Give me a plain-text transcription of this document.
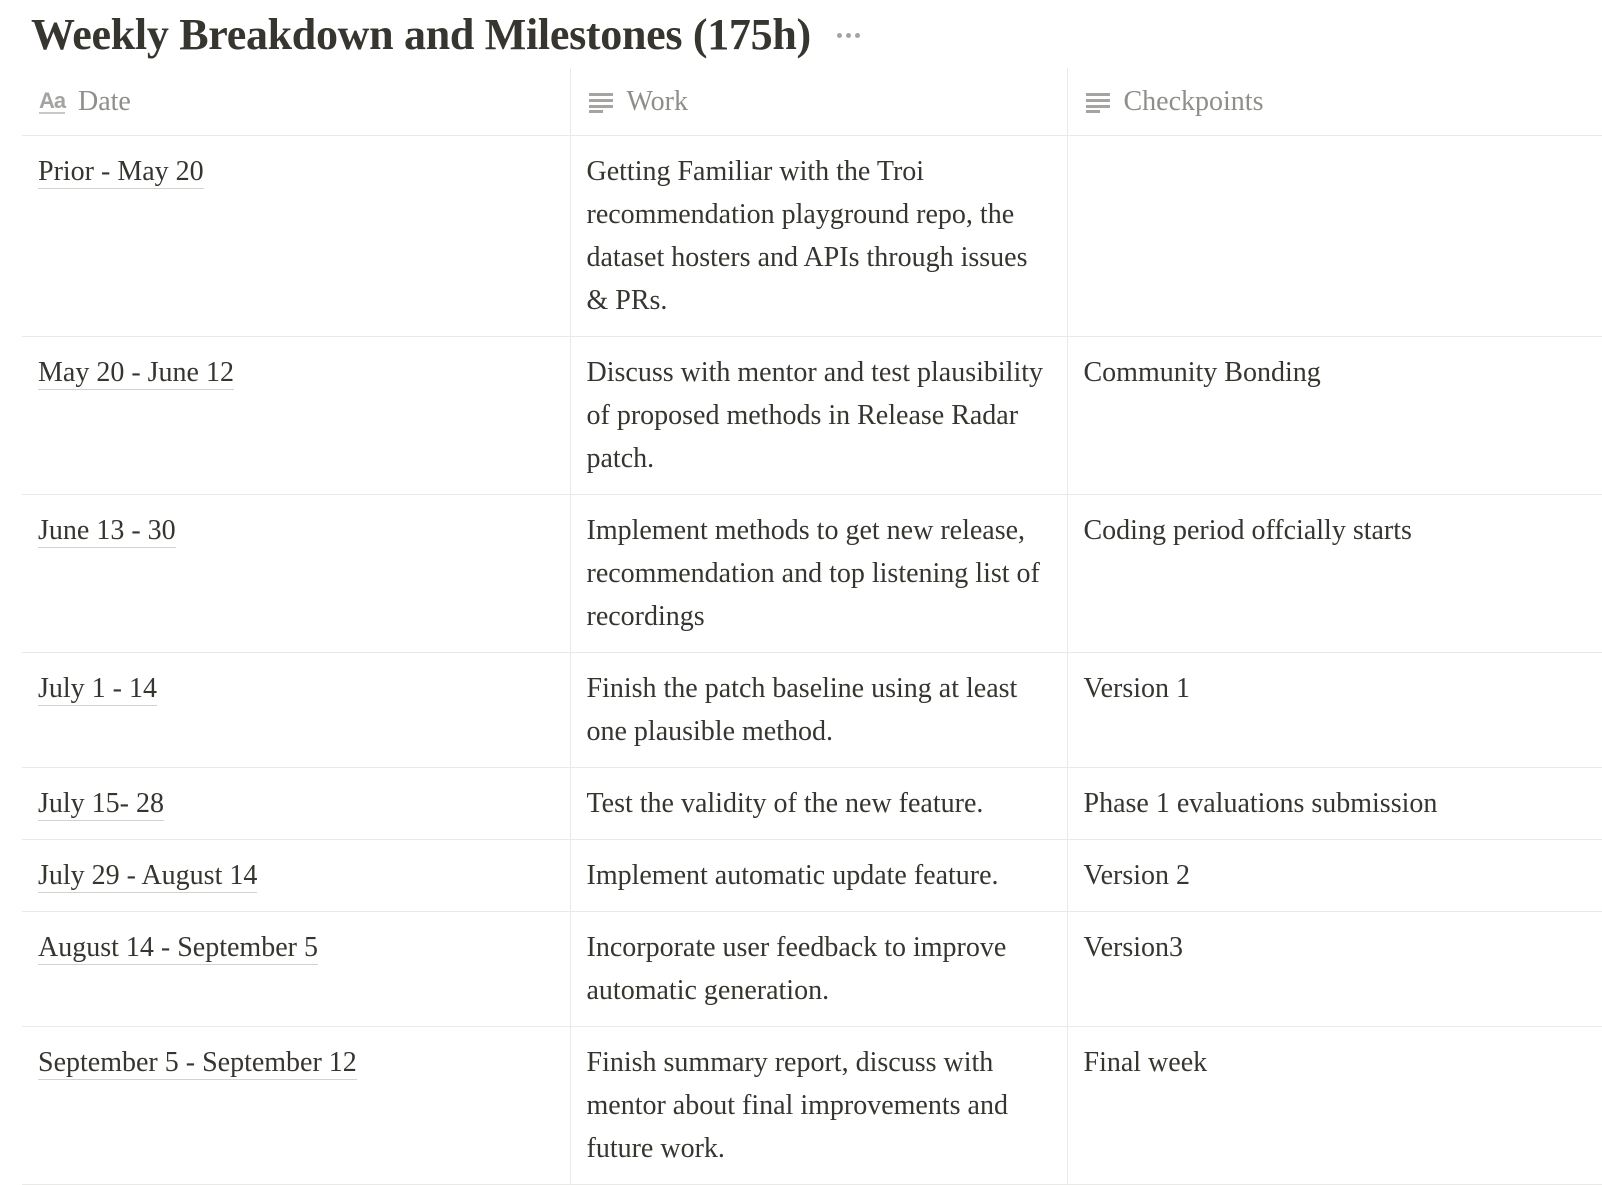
Weekly Breakdown and Milestones (175h)
Aa Date	Work	Checkpoints

Prior - May 20	Getting Familiar with the Troi recommendation playground repo, the dataset hosters and APIs through issues & PRs.	
May 20 - June 12	Discuss with mentor and test plausibility of proposed methods in Release Radar patch.	Community Bonding
June 13 - 30	Implement methods to get new release, recommendation and top listening list of recordings	Coding period offcially starts
July 1 - 14	Finish the patch baseline using at least one plausible method.	Version 1
July 15- 28	Test the validity of the new feature.	Phase 1 evaluations submission
July 29 - August 14	Implement automatic update feature.	Version 2
August 14 - September 5	Incorporate user feedback to improve automatic generation.	Version3
September 5 - September 12	Finish summary report, discuss with mentor about final improvements and future work.	Final week
